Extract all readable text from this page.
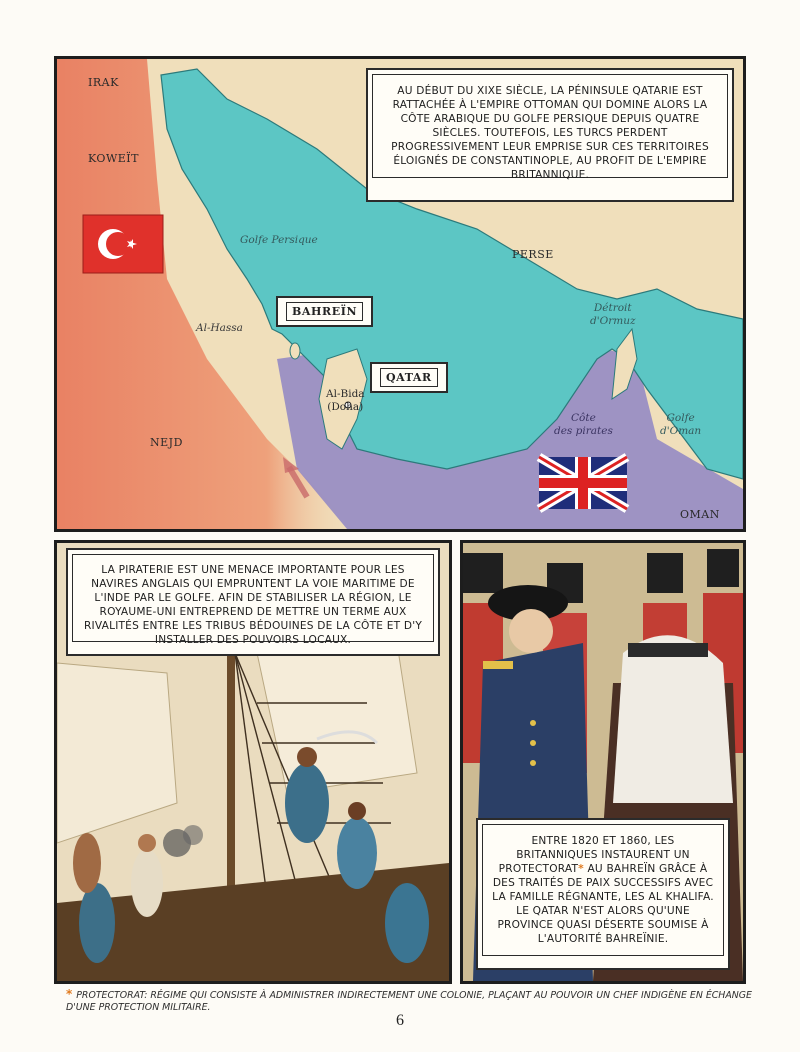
IRAK
KOWEÏT
Golfe Persique
PERSE
Al-Hassa
NEJD
Al-Bida
(Doha)
Détroit
d'Ormuz
Côte
des pirates
Golfe
d'Oman
OMAN
BAHREÏN
QATAR
AU DÉBUT DU XIXE SIÈCLE, LA PÉNINSULE QATARIE EST RATTACHÉE À L'EMPIRE OTTOMAN QUI DOMINE ALORS LA CÔTE ARABIQUE DU GOLFE PERSIQUE DEPUIS QUATRE SIÈCLES. TOUTEFOIS, LES TURCS PERDENT PROGRESSIVEMENT LEUR EMPRISE SUR CES TERRITOIRES ÉLOIGNÉS DE CONSTANTINOPLE, AU PROFIT DE L'EMPIRE BRITANNIQUE.
LA PIRATERIE EST UNE MENACE IMPORTANTE POUR LES NAVIRES ANGLAIS QUI EMPRUNTENT LA VOIE MARITIME DE L'INDE PAR LE GOLFE. AFIN DE STABILISER LA RÉGION, LE ROYAUME-UNI ENTREPREND DE METTRE UN TERME AUX RIVALITÉS ENTRE LES TRIBUS BÉDOUINES DE LA CÔTE ET D'Y INSTALLER DES POUVOIRS LOCAUX.
ENTRE 1820 ET 1860, LES BRITANNIQUES INSTAURENT UN PROTECTORAT* AU BAHREÏN GRÂCE À DES TRAITÉS DE PAIX SUCCESSIFS AVEC LA FAMILLE RÉGNANTE, LES AL KHALIFA. LE QATAR N'EST ALORS QU'UNE PROVINCE QUASI DÉSERTE SOUMISE À L'AUTORITÉ BAHREÏNIE.
* PROTECTORAT: RÉGIME QUI CONSISTE À ADMINISTRER INDIRECTEMENT UNE COLONIE, PLAÇANT AU POUVOIR UN CHEF INDIGÈNE EN ÉCHANGE D'UNE PROTECTION MILITAIRE.
6
